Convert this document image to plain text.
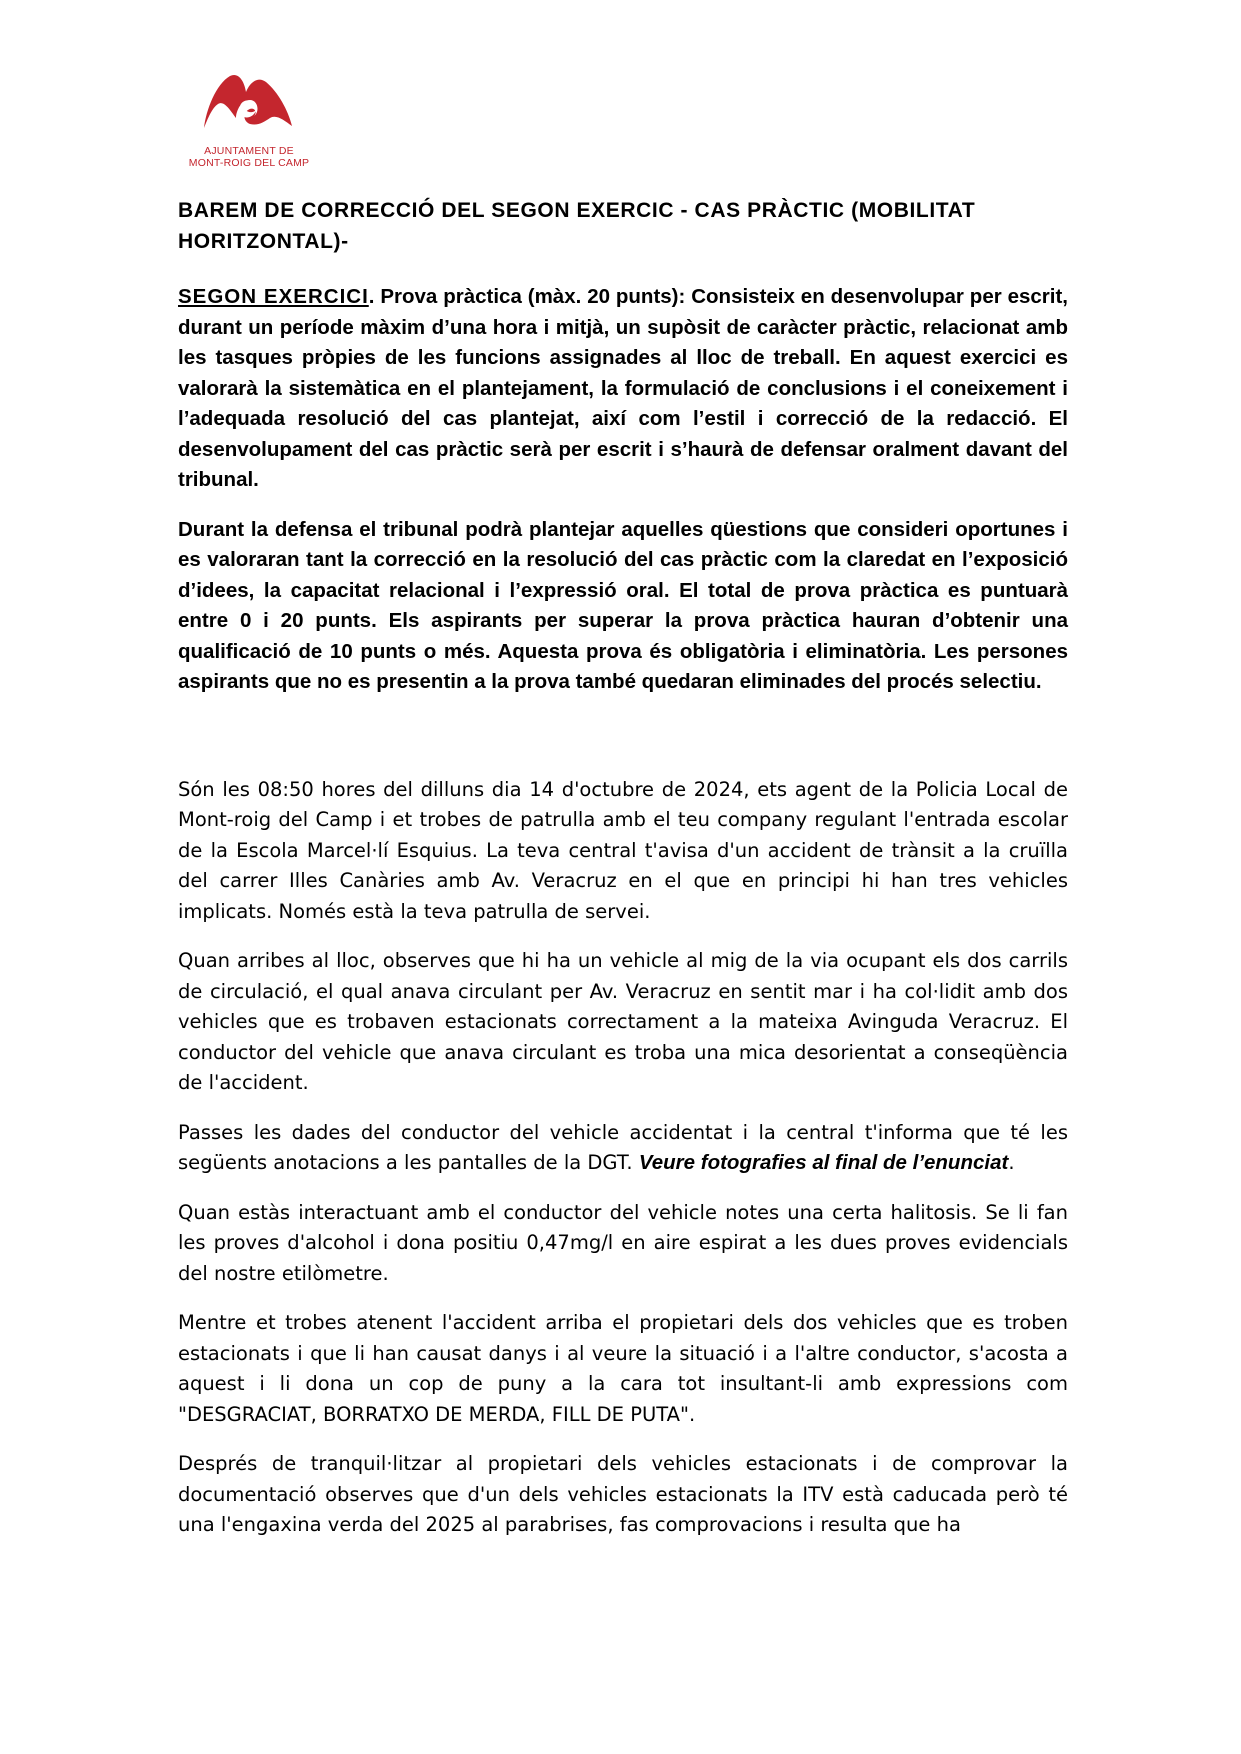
AJUNTAMENT DE
MONT-ROIG DEL CAMP

BAREM DE CORRECCIÓ DEL SEGON EXERCIC - CAS PRÀCTIC (MOBILITAT HORITZONTAL)-

SEGON EXERCICI. Prova pràctica (màx. 20 punts): Consisteix en desenvolupar per escrit, durant un període màxim d’una hora i mitjà, un supòsit de caràcter pràctic, relacionat amb les tasques pròpies de les funcions assignades al lloc de treball. En aquest exercici es valorarà la sistemàtica en el plantejament, la formulació de conclusions i el coneixement i l’adequada resolució del cas plantejat, així com l’estil i correcció de la redacció. El desenvolupament del cas pràctic serà per escrit i s’haurà de defensar oralment davant del tribunal.

Durant la defensa el tribunal podrà plantejar aquelles qüestions que consideri oportunes i es valoraran tant la correcció en la resolució del cas pràctic com la claredat en l’exposició d’idees, la capacitat relacional i l’expressió oral. El total de prova pràctica es puntuarà entre 0 i 20 punts. Els aspirants per superar la prova pràctica hauran d’obtenir una qualificació de 10 punts o més. Aquesta prova és obligatòria i eliminatòria. Les persones aspirants que no es presentin a la prova també quedaran eliminades del procés selectiu.

Són les 08:50 hores del dilluns dia 14 d'octubre de 2024, ets agent de la Policia Local de Mont-roig del Camp i et trobes de patrulla amb el teu company regulant l'entrada escolar de la Escola Marcel·lí Esquius. La teva central t'avisa d'un accident de trànsit a la cruïlla del carrer Illes Canàries amb Av. Veracruz en el que en principi hi han tres vehicles implicats. Només està la teva patrulla de servei.

Quan arribes al lloc, observes que hi ha un vehicle al mig de la via ocupant els dos carrils de circulació, el qual anava circulant per Av. Veracruz en sentit mar i ha col·lidit amb dos vehicles que es trobaven estacionats correctament a la mateixa Avinguda Veracruz. El conductor del vehicle que anava circulant es troba una mica desorientat a conseqüència de l'accident.

Passes les dades del conductor del vehicle accidentat i la central t'informa que té les següents anotacions a les pantalles de la DGT. Veure fotografies al final de l’enunciat.

Quan estàs interactuant amb el conductor del vehicle notes una certa halitosis. Se li fan les proves d'alcohol i dona positiu 0,47mg/l en aire espirat a les dues proves evidencials del nostre etilòmetre.

Mentre et trobes atenent l'accident arriba el propietari dels dos vehicles que es troben estacionats i que li han causat danys i al veure la situació i a l'altre conductor, s'acosta a aquest i li dona un cop de puny a la cara tot insultant-li amb expressions com "DESGRACIAT, BORRATXO DE MERDA, FILL DE PUTA".

Després de tranquil·litzar al propietari dels vehicles estacionats i de comprovar la documentació observes que d'un dels vehicles estacionats la ITV està caducada però té una l'engaxina verda del 2025 al parabrises, fas comprovacions i resulta que ha
